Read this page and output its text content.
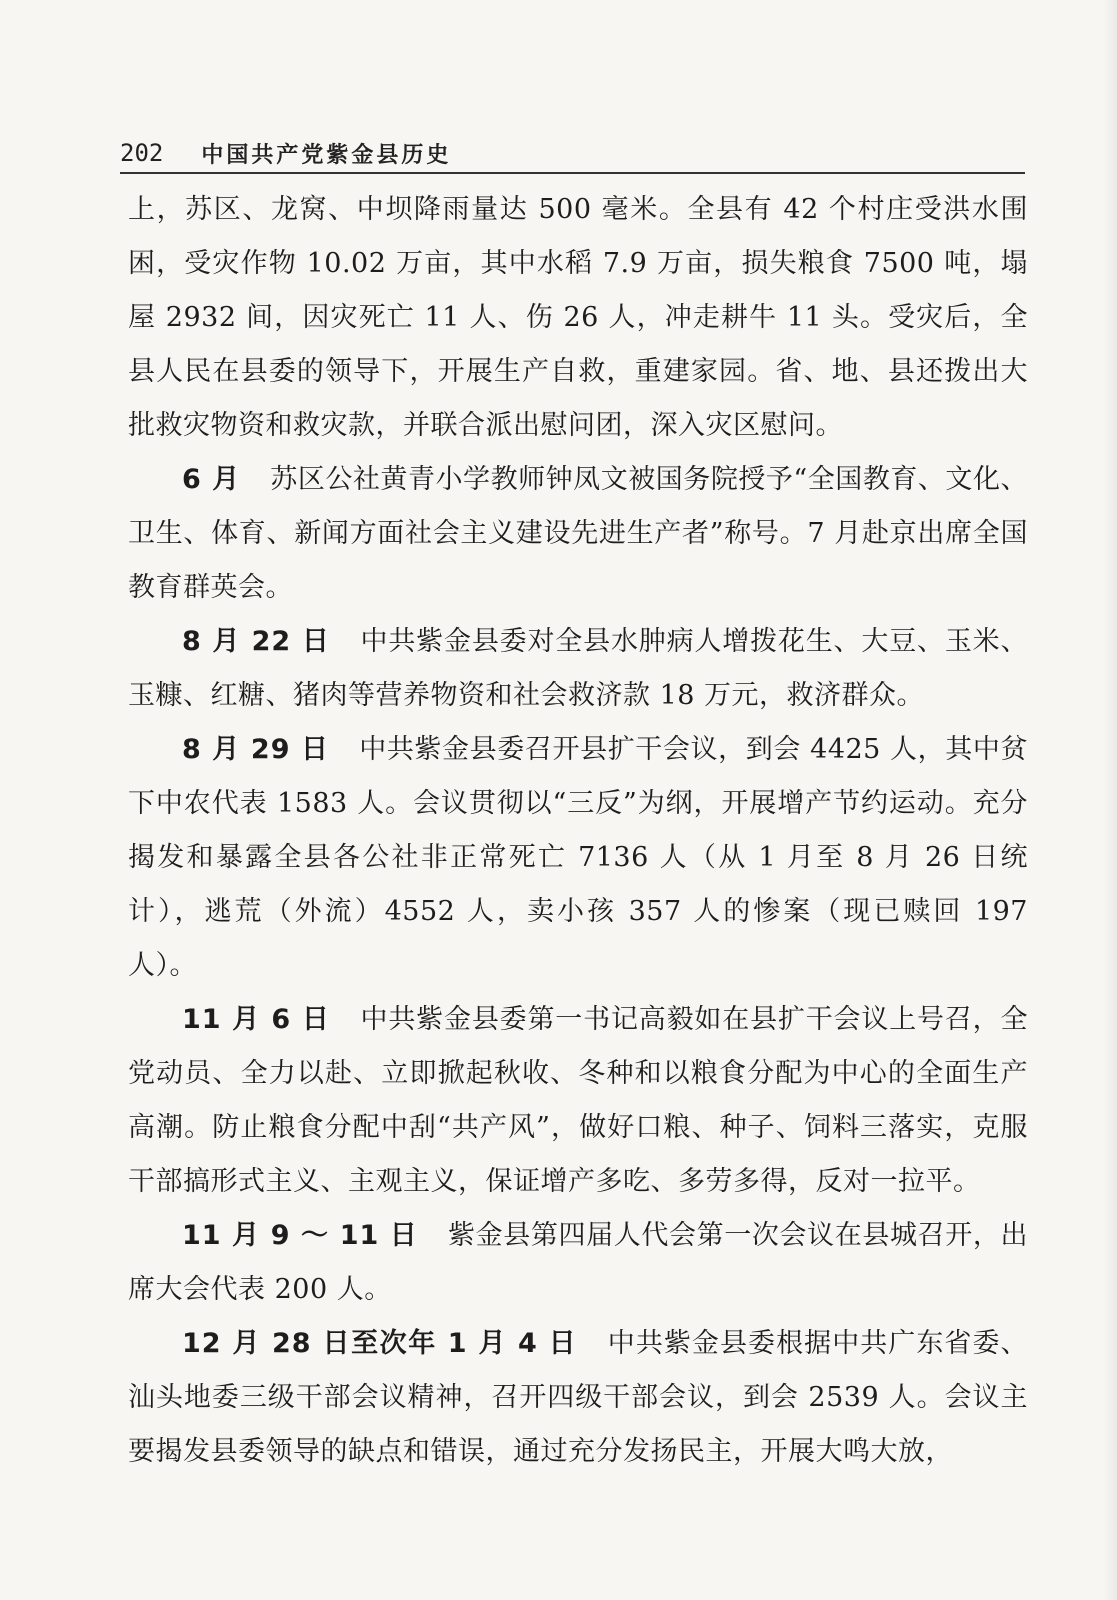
202 中国共产党紫金县历史

上，苏区、龙窝、中坝降雨量达 500 毫米。全县有 42 个村庄受洪水围困，受灾作物 10.02 万亩，其中水稻 7.9 万亩，损失粮食 7500 吨，塌屋 2932 间，因灾死亡 11 人、伤 26 人，冲走耕牛 11 头。受灾后，全县人民在县委的领导下，开展生产自救，重建家园。省、地、县还拨出大批救灾物资和救灾款，并联合派出慰问团，深入灾区慰问。

6 月 苏区公社黄青小学教师钟凤文被国务院授予“全国教育、文化、卫生、体育、新闻方面社会主义建设先进生产者”称号。7 月赴京出席全国教育群英会。

8 月 22 日 中共紫金县委对全县水肿病人增拨花生、大豆、玉米、玉糠、红糖、猪肉等营养物资和社会救济款 18 万元，救济群众。

8 月 29 日 中共紫金县委召开县扩干会议，到会 4425 人，其中贫下中农代表 1583 人。会议贯彻以“三反”为纲，开展增产节约运动。充分揭发和暴露全县各公社非正常死亡 7136 人（从 1 月至 8 月 26 日统计），逃荒（外流）4552 人，卖小孩 357 人的惨案（现已赎回 197 人）。

11 月 6 日 中共紫金县委第一书记高毅如在县扩干会议上号召，全党动员、全力以赴、立即掀起秋收、冬种和以粮食分配为中心的全面生产高潮。防止粮食分配中刮“共产风”，做好口粮、种子、饲料三落实，克服干部搞形式主义、主观主义，保证增产多吃、多劳多得，反对一拉平。

11 月 9 ～ 11 日 紫金县第四届人代会第一次会议在县城召开，出席大会代表 200 人。

12 月 28 日至次年 1 月 4 日 中共紫金县委根据中共广东省委、汕头地委三级干部会议精神，召开四级干部会议，到会 2539 人。会议主要揭发县委领导的缺点和错误，通过充分发扬民主，开展大鸣大放，
